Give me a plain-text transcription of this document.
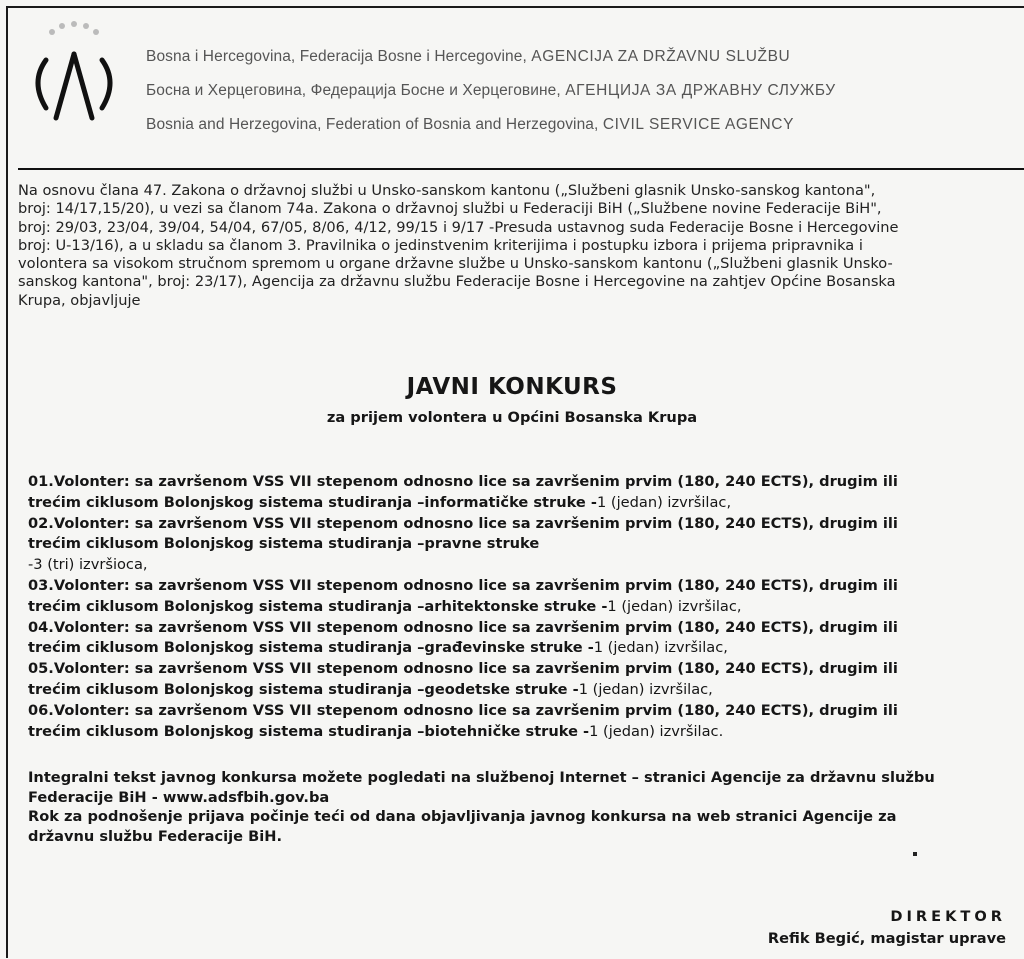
Bosna i Hercegovina, Federacija Bosne i Hercegovine, AGENCIJA ZA DRŽAVNU SLUŽBU
Босна и Херцеговина, Федерација Босне и Херцеговине, АГЕНЦИЈА ЗА ДРЖАВНУ СЛУЖБУ
Bosnia and Herzegovina, Federation of Bosnia and Herzegovina, CIVIL SERVICE AGENCY
Na osnovu člana 47. Zakona o državnoj službi u Unsko-sanskom kantonu („Službeni glasnik Unsko-sanskog kantona",
broj: 14/17,15/20), u vezi sa članom 74a. Zakona o državnoj službi u Federaciji BiH („Službene novine Federacije BiH",
broj: 29/03, 23/04, 39/04, 54/04, 67/05, 8/06, 4/12, 99/15 i 9/17 -Presuda ustavnog suda Federacije Bosne i Hercegovine
broj: U-13/16), a u skladu sa članom 3. Pravilnika o jedinstvenim kriterijima i postupku izbora i prijema pripravnika i
volontera sa visokom stručnom spremom u organe državne službe u Unsko-sanskom kantonu („Službeni glasnik Unsko-
sanskog kantona", broj: 23/17), Agencija za državnu službu Federacije Bosne i Hercegovine na zahtjev Općine Bosanska
Krupa, objavljuje
JAVNI KONKURS
za prijem volontera u Općini Bosanska Krupa
01.Volonter: sa završenom VSS VII stepenom odnosno lice sa završenim prvim (180, 240 ECTS), drugim ili
trećim ciklusom Bolonjskog sistema studiranja –informatičke struke -1 (jedan) izvršilac,
02.Volonter: sa završenom VSS VII stepenom odnosno lice sa završenim prvim (180, 240 ECTS), drugim ili
trećim ciklusom Bolonjskog sistema studiranja –pravne struke
-3 (tri) izvršioca,
03.Volonter: sa završenom VSS VII stepenom odnosno lice sa završenim prvim (180, 240 ECTS), drugim ili
trećim ciklusom Bolonjskog sistema studiranja –arhitektonske struke -1 (jedan) izvršilac,
04.Volonter: sa završenom VSS VII stepenom odnosno lice sa završenim prvim (180, 240 ECTS), drugim ili
trećim ciklusom Bolonjskog sistema studiranja –građevinske struke -1 (jedan) izvršilac,
05.Volonter: sa završenom VSS VII stepenom odnosno lice sa završenim prvim (180, 240 ECTS), drugim ili
trećim ciklusom Bolonjskog sistema studiranja –geodetske struke -1 (jedan) izvršilac,
06.Volonter: sa završenom VSS VII stepenom odnosno lice sa završenim prvim (180, 240 ECTS), drugim ili
trećim ciklusom Bolonjskog sistema studiranja –biotehničke struke -1 (jedan) izvršilac.
Integralni tekst javnog konkursa možete pogledati na službenoj Internet – stranici Agencije za državnu službu
Federacije BiH - www.adsfbih.gov.ba
Rok za podnošenje prijava počinje teći od dana objavljivanja javnog konkursa na web stranici Agencije za
državnu službu Federacije BiH.
DIREKTOR
Refik Begić, magistar uprave
